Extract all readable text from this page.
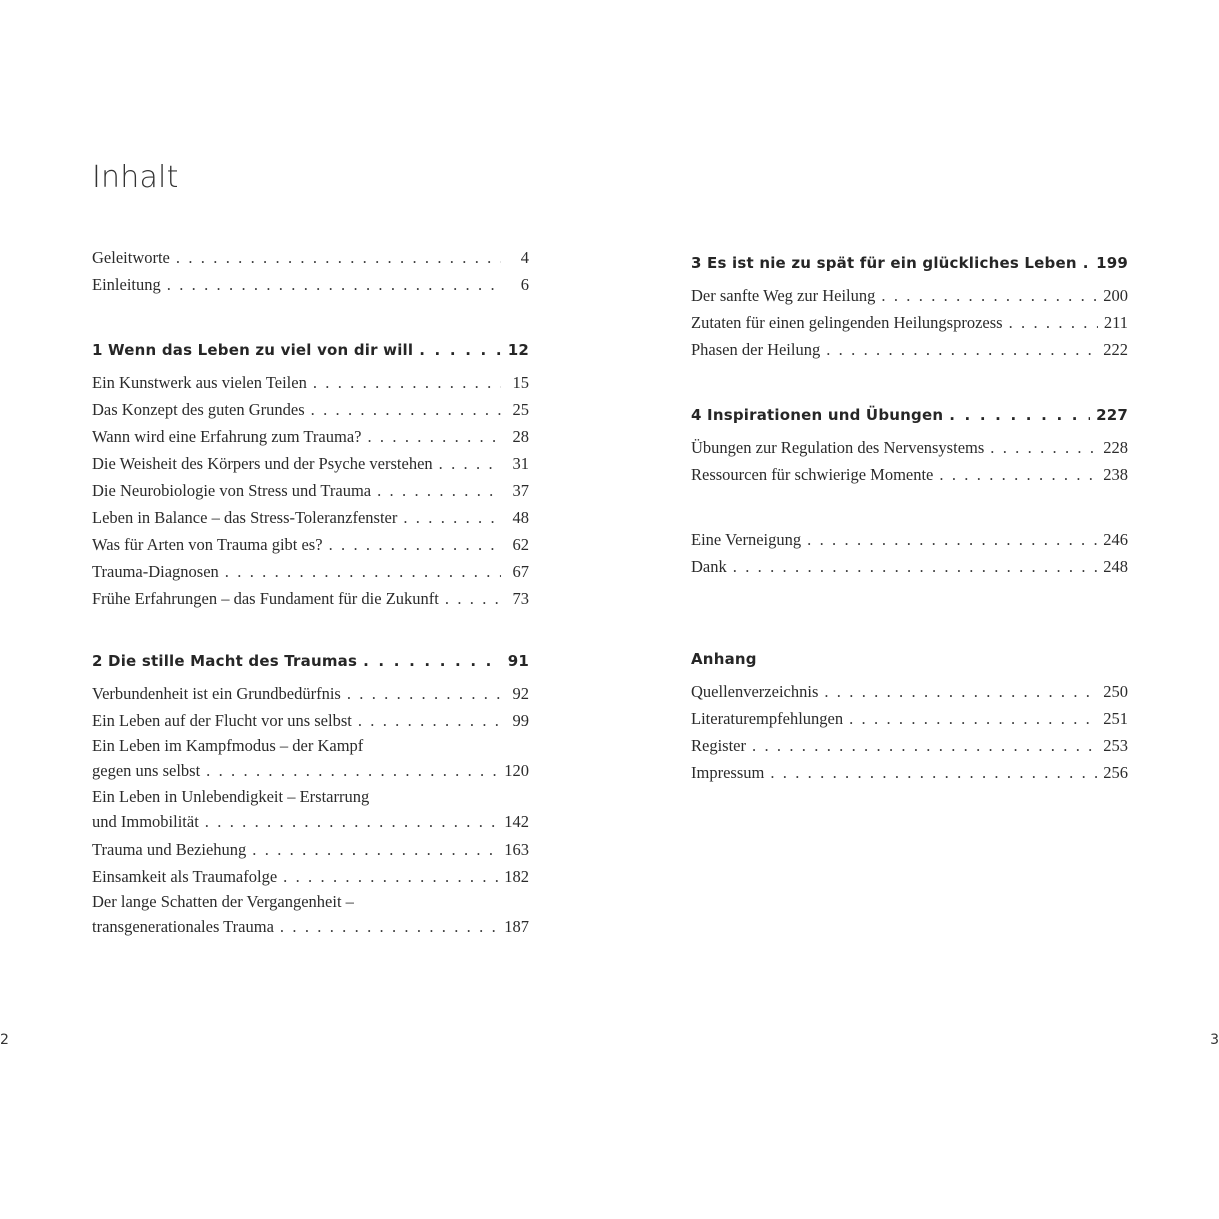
Inhalt
Geleitworte . . .	4
Einleitung . . .	6
1 Wenn das Leben zu viel von dir will . . .	12
Ein Kunstwerk aus vielen Teilen . . .	15
Das Konzept des guten Grundes . . .	25
Wann wird eine Erfahrung zum Trauma? . . .	28
Die Weisheit des Körpers und der Psyche verstehen . . .	31
Die Neurobiologie von Stress und Trauma . . .	37
Leben in Balance – das Stress-Toleranzfenster . . .	48
Was für Arten von Trauma gibt es? . . .	62
Trauma-Diagnosen . . .	67
Frühe Erfahrungen – das Fundament für die Zukunft . . .	73
2 Die stille Macht des Traumas . . .	91
Verbundenheit ist ein Grundbedürfnis . . .	92
Ein Leben auf der Flucht vor uns selbst . . .	99
Ein Leben im Kampfmodus – der Kampf
gegen uns selbst . . .	120
Ein Leben in Unlebendigkeit – Erstarrung
und Immobilität . . .	142
Trauma und Beziehung . . .	163
Einsamkeit als Traumafolge . . .	182
Der lange Schatten der Vergangenheit –
transgenerationales Trauma . . .	187
3 Es ist nie zu spät für ein glückliches Leben . . . 199
Der sanfte Weg zur Heilung . . .	200
Zutaten für einen gelingenden Heilungsprozess . . .	211
Phasen der Heilung . . .	222
4 Inspirationen und Übungen . . .	227
Übungen zur Regulation des Nervensystems . . .	228
Ressourcen für schwierige Momente . . .	238
Eine Verneigung . . .	246
Dank . . .	248
Anhang
Quellenverzeichnis . . .	250
Literaturempfehlungen . . .	251
Register . . .	253
Impressum . . .	256
2	3
